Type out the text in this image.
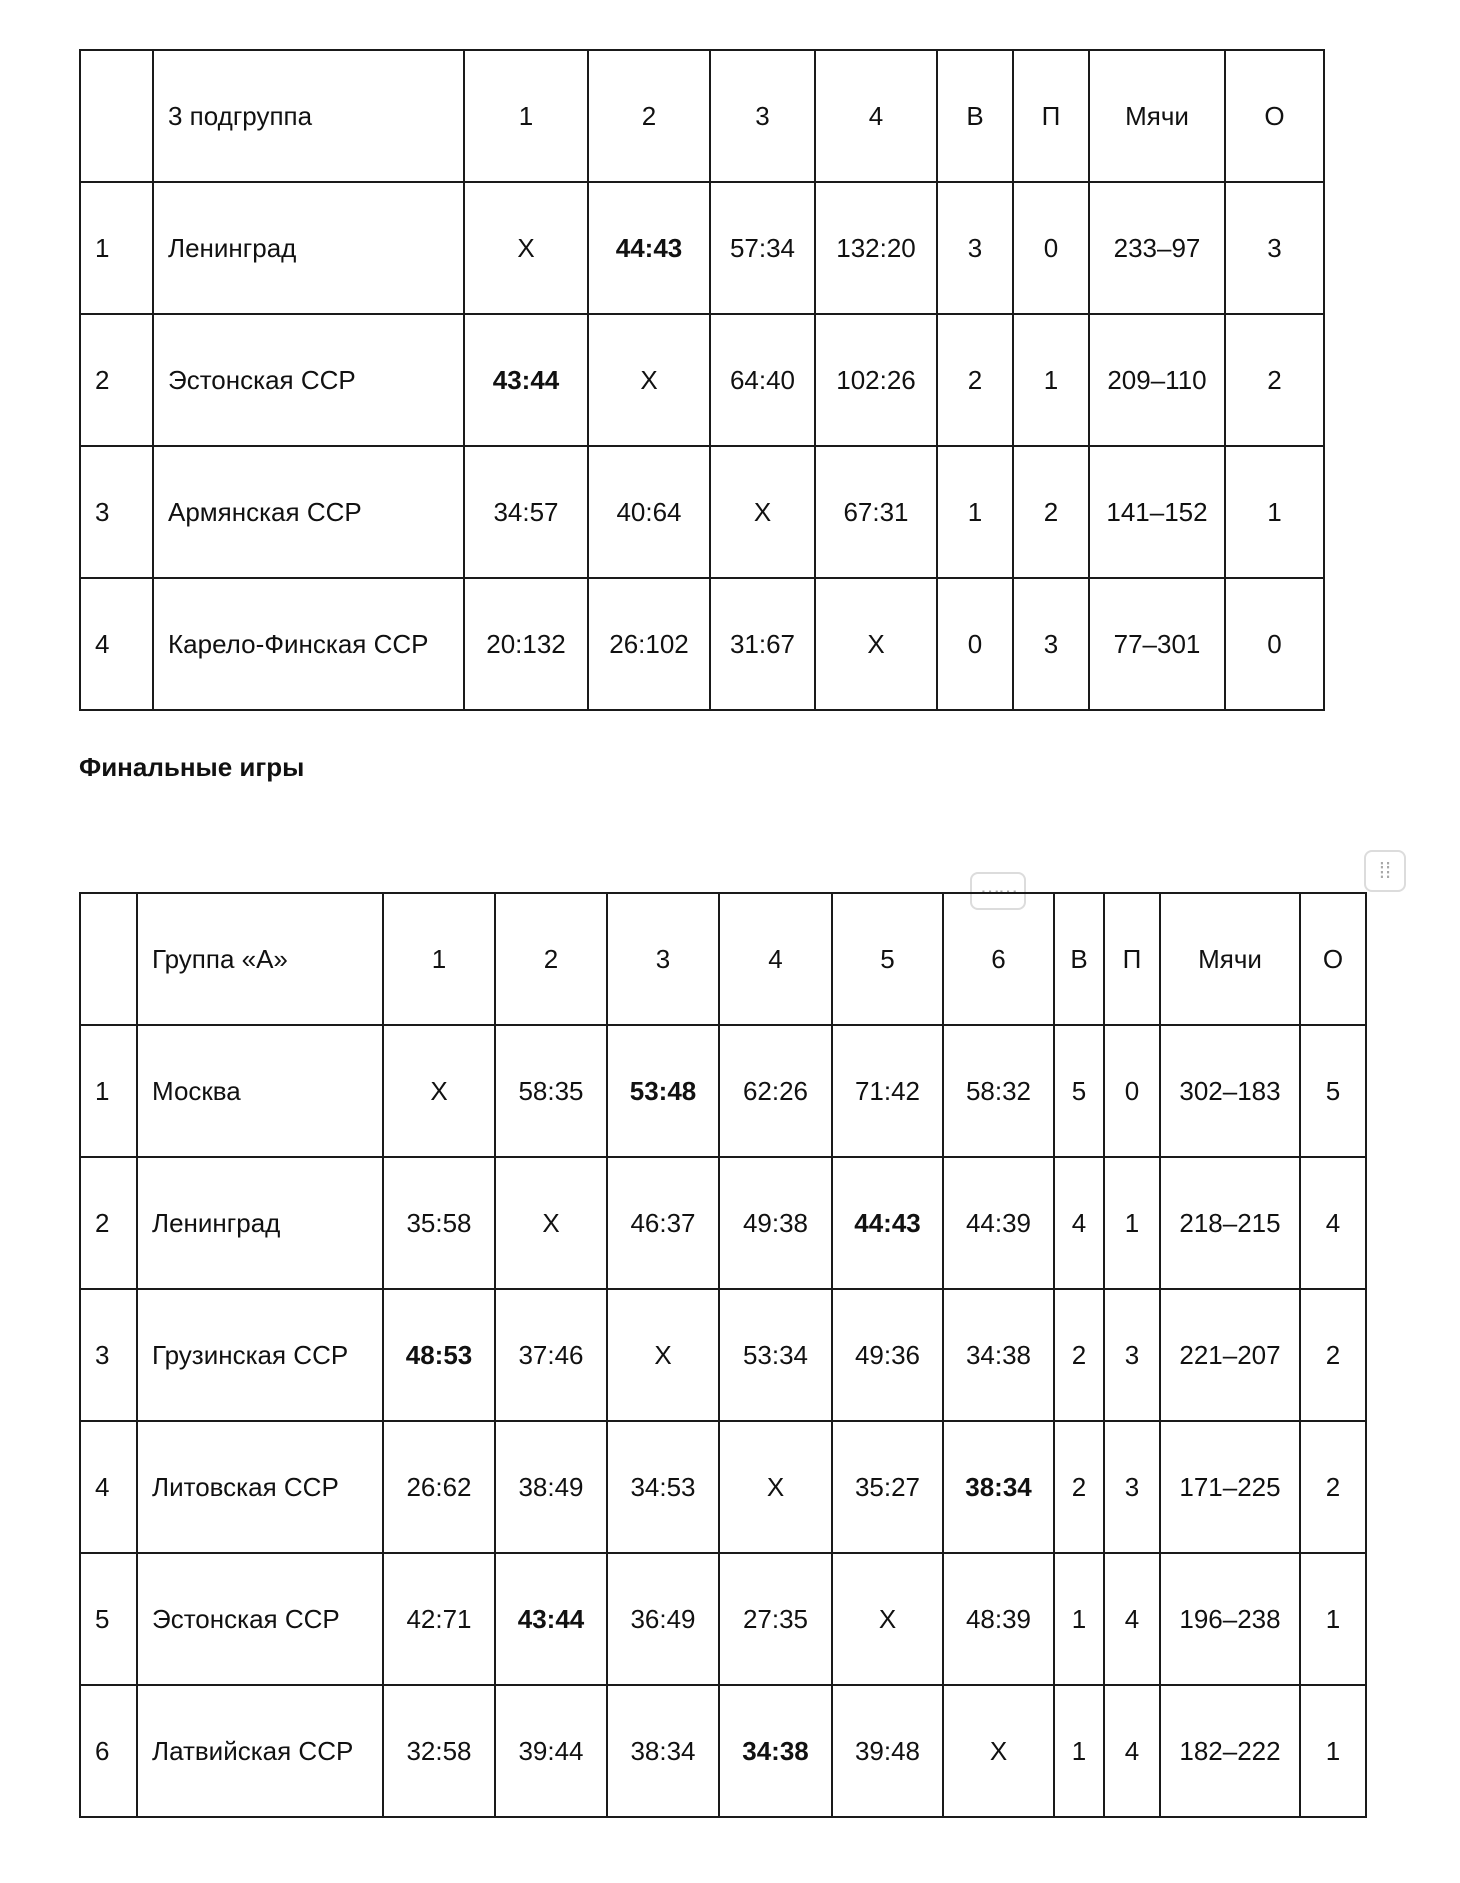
	3 подгруппа	1	2	3	4	В	П	Мячи	О
1	Ленинград	X	44:43	57:34	132:20	3	0	233–97	3
2	Эстонская ССР	43:44	X	64:40	102:26	2	1	209–110	2
3	Армянская ССР	34:57	40:64	X	67:31	1	2	141–152	1
4	Карело-Финская ССР	20:132	26:102	31:67	X	0	3	77–301	0
Финальные игры
⋯⋯
⁞⁞
	Группа «А»	1	2	3	4	5	6	В	П	Мячи	О
1	Москва	X	58:35	53:48	62:26	71:42	58:32	5	0	302–183	5
2	Ленинград	35:58	X	46:37	49:38	44:43	44:39	4	1	218–215	4
3	Грузинская ССР	48:53	37:46	X	53:34	49:36	34:38	2	3	221–207	2
4	Литовская ССР	26:62	38:49	34:53	X	35:27	38:34	2	3	171–225	2
5	Эстонская ССР	42:71	43:44	36:49	27:35	X	48:39	1	4	196–238	1
6	Латвийская ССР	32:58	39:44	38:34	34:38	39:48	X	1	4	182–222	1
